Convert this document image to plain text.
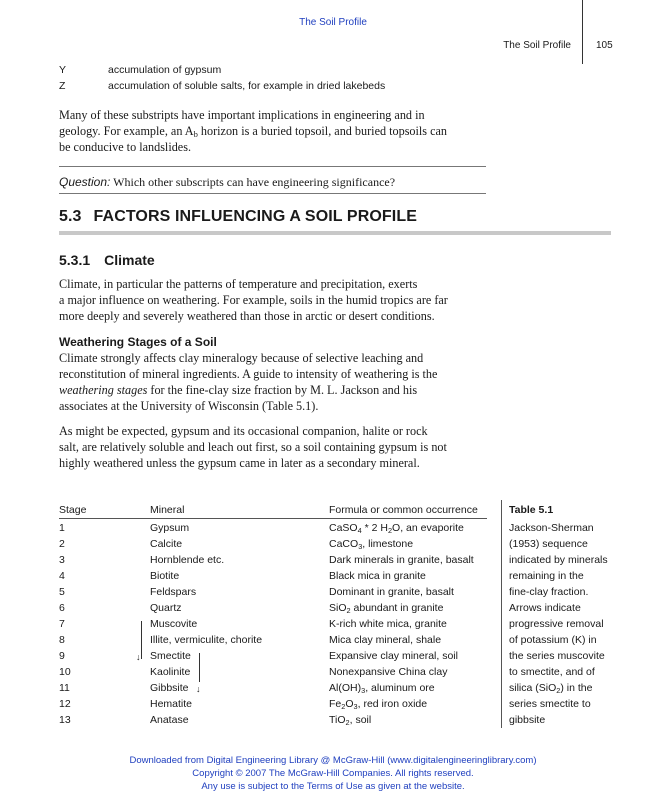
The Soil Profile
The Soil Profile	105
Y	accumulation of gypsum
Z	accumulation of soluble salts, for example in dried lakebeds
Many of these substripts have important implications in engineering and in
geology. For example, an $A_b$ horizon is a buried topsoil, and buried topsoils can
be conducive to landslides.
Question: Which other subscripts can have engineering significance?
5.3 FACTORS INFLUENCING A SOIL PROFILE
5.3.1 Climate
Climate, in particular the patterns of temperature and precipitation, exerts
a major influence on weathering. For example, soils in the humid tropics are far
more deeply and severely weathered than those in arctic or desert conditions.
Weathering Stages of a Soil
Climate strongly affects clay mineralogy because of selective leaching and
reconstitution of mineral ingredients. A guide to intensity of weathering is the
weathering stages for the fine-clay size fraction by M. L. Jackson and his
associates at the University of Wisconsin (Table 5.1).
As might be expected, gypsum and its occasional companion, halite or rock
salt, are relatively soluble and leach out first, so a soil containing gypsum is not
highly weathered unless the gypsum came in later as a secondary mineral.
Stage	Mineral	Formula or common occurrence
1	Gypsum	CaSO$_4$ * 2 $H_2O$, an evaporite
2	Calcite	CaCO$_3$, limestone
3	Hornblende etc.	Dark minerals in granite, basalt
4	Biotite	Black mica in granite
5	Feldspars	Dominant in granite, basalt
6	Quartz	SiO$_2$ abundant in granite
7	Muscovite	K-rich white mica, granite
8	Illite, vermiculite, chorite	Mica clay mineral, shale
9	Smectite	Expansive clay mineral, soil
10	Kaolinite	Nonexpansive China clay
11	Gibbsite	$Al(OH)_3$, aluminum ore
12	Hematite	$Fe_2O_3$, red iron oxide
13	Anatase	TiO$_2$, soil
↓
↓
Table 5.1
Jackson-Sherman
(1953) sequence
indicated by minerals
remaining in the
fine-clay fraction.
Arrows indicate
progressive removal
of potassium (K) in
the series muscovite
to smectite, and of
silica (SiO$_2$) in the
series smectite to
gibbsite
Downloaded from Digital Engineering Library @ McGraw-Hill (www.digitalengineeringlibrary.com)
Copyright © 2007 The McGraw-Hill Companies. All rights reserved.
Any use is subject to the Terms of Use as given at the website.
